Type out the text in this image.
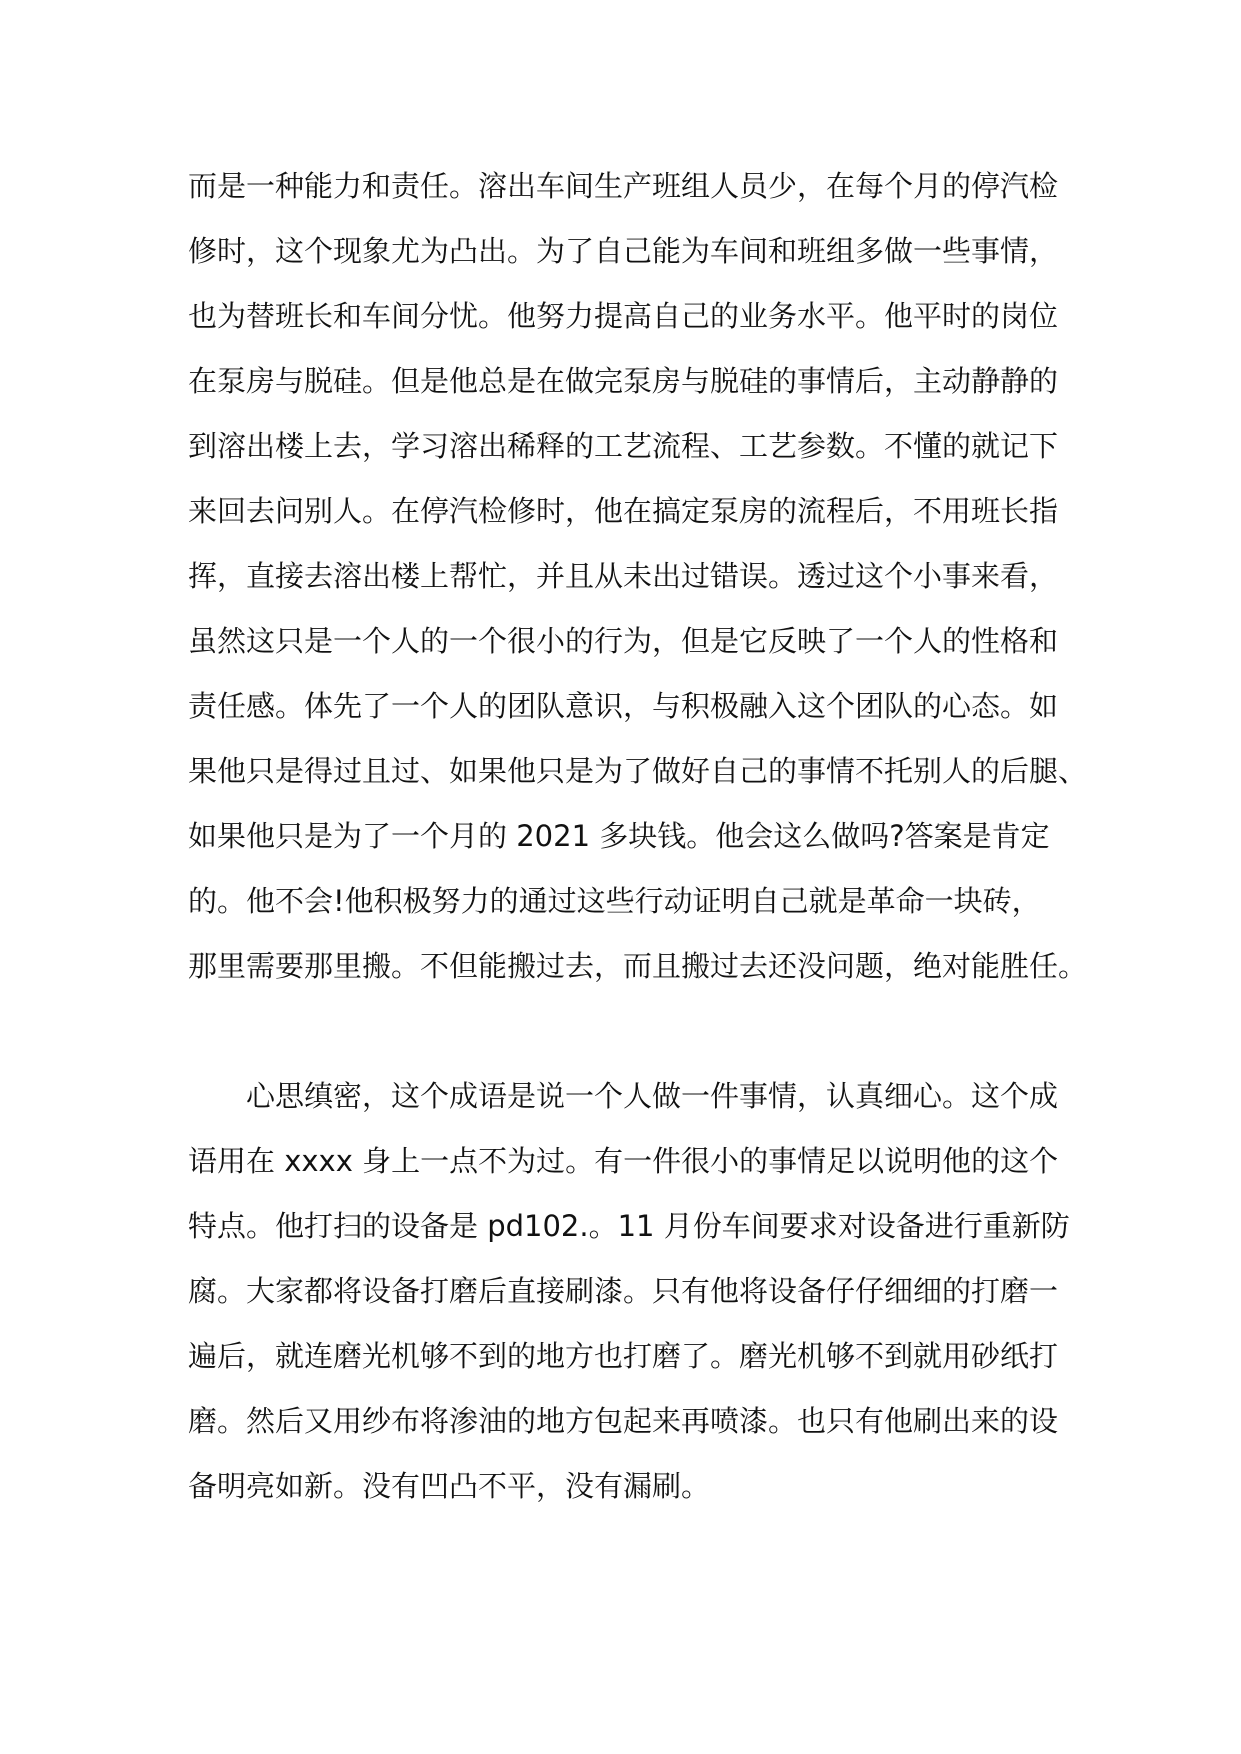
而是一种能力和责任。溶出车间生产班组人员少，在每个月的停汽检
修时，这个现象尤为凸出。为了自己能为车间和班组多做一些事情，
也为替班长和车间分忧。他努力提高自己的业务水平。他平时的岗位
在泵房与脱硅。但是他总是在做完泵房与脱硅的事情后，主动静静的
到溶出楼上去，学习溶出稀释的工艺流程、工艺参数。不懂的就记下
来回去问别人。在停汽检修时，他在搞定泵房的流程后，不用班长指
挥，直接去溶出楼上帮忙，并且从未出过错误。透过这个小事来看，
虽然这只是一个人的一个很小的行为，但是它反映了一个人的性格和
责任感。体先了一个人的团队意识，与积极融入这个团队的心态。如
果他只是得过且过、如果他只是为了做好自己的事情不托别人的后腿、
如果他只是为了一个月的 2021 多块钱。他会这么做吗?答案是肯定
的。他不会!他积极努力的通过这些行动证明自己就是革命一块砖，
那里需要那里搬。不但能搬过去，而且搬过去还没问题，绝对能胜任。
心思缜密，这个成语是说一个人做一件事情，认真细心。这个成
语用在 xxxx 身上一点不为过。有一件很小的事情足以说明他的这个
特点。他打扫的设备是 pd102.。11 月份车间要求对设备进行重新防
腐。大家都将设备打磨后直接刷漆。只有他将设备仔仔细细的打磨一
遍后，就连磨光机够不到的地方也打磨了。磨光机够不到就用砂纸打
磨。然后又用纱布将渗油的地方包起来再喷漆。也只有他刷出来的设
备明亮如新。没有凹凸不平，没有漏刷。
